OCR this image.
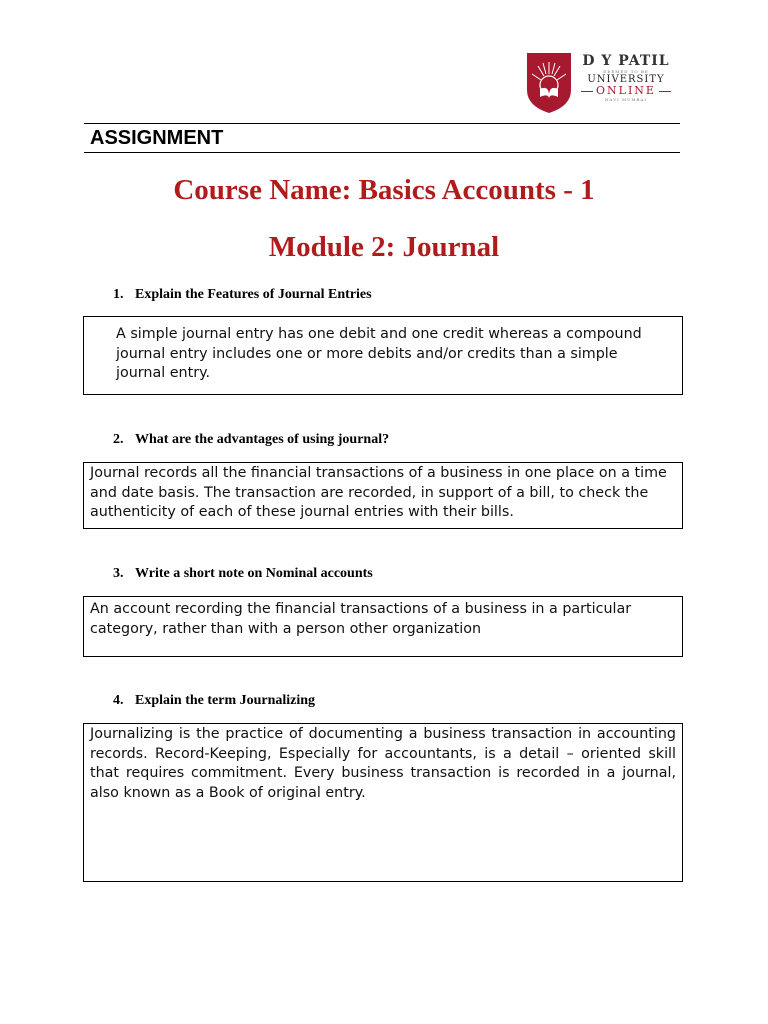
D Y PATIL
DEEMED TO BE
UNIVERSITY
ONLINE
NAVI MUMBAI
ASSIGNMENT
Course Name: Basics Accounts - 1
Module 2: Journal
1. Explain the Features of Journal Entries
A simple journal entry has one debit and one credit whereas a compound journal entry includes one or more debits and/or credits than a simple journal entry.
2. What are the advantages of using journal?
Journal records all the financial transactions of a business in one place on a time and date basis. The transaction are recorded, in support of a bill, to check the authenticity of each of these journal entries with their bills.
3. Write a short note on Nominal accounts
An account recording the financial transactions of a business in a particular category, rather than with a person other organization
4. Explain the term Journalizing
Journalizing is the practice of documenting a business transaction in accounting records. Record-Keeping, Especially for accountants, is a detail – oriented skill that requires commitment. Every business transaction is recorded in a journal, also known as a Book of original entry.
